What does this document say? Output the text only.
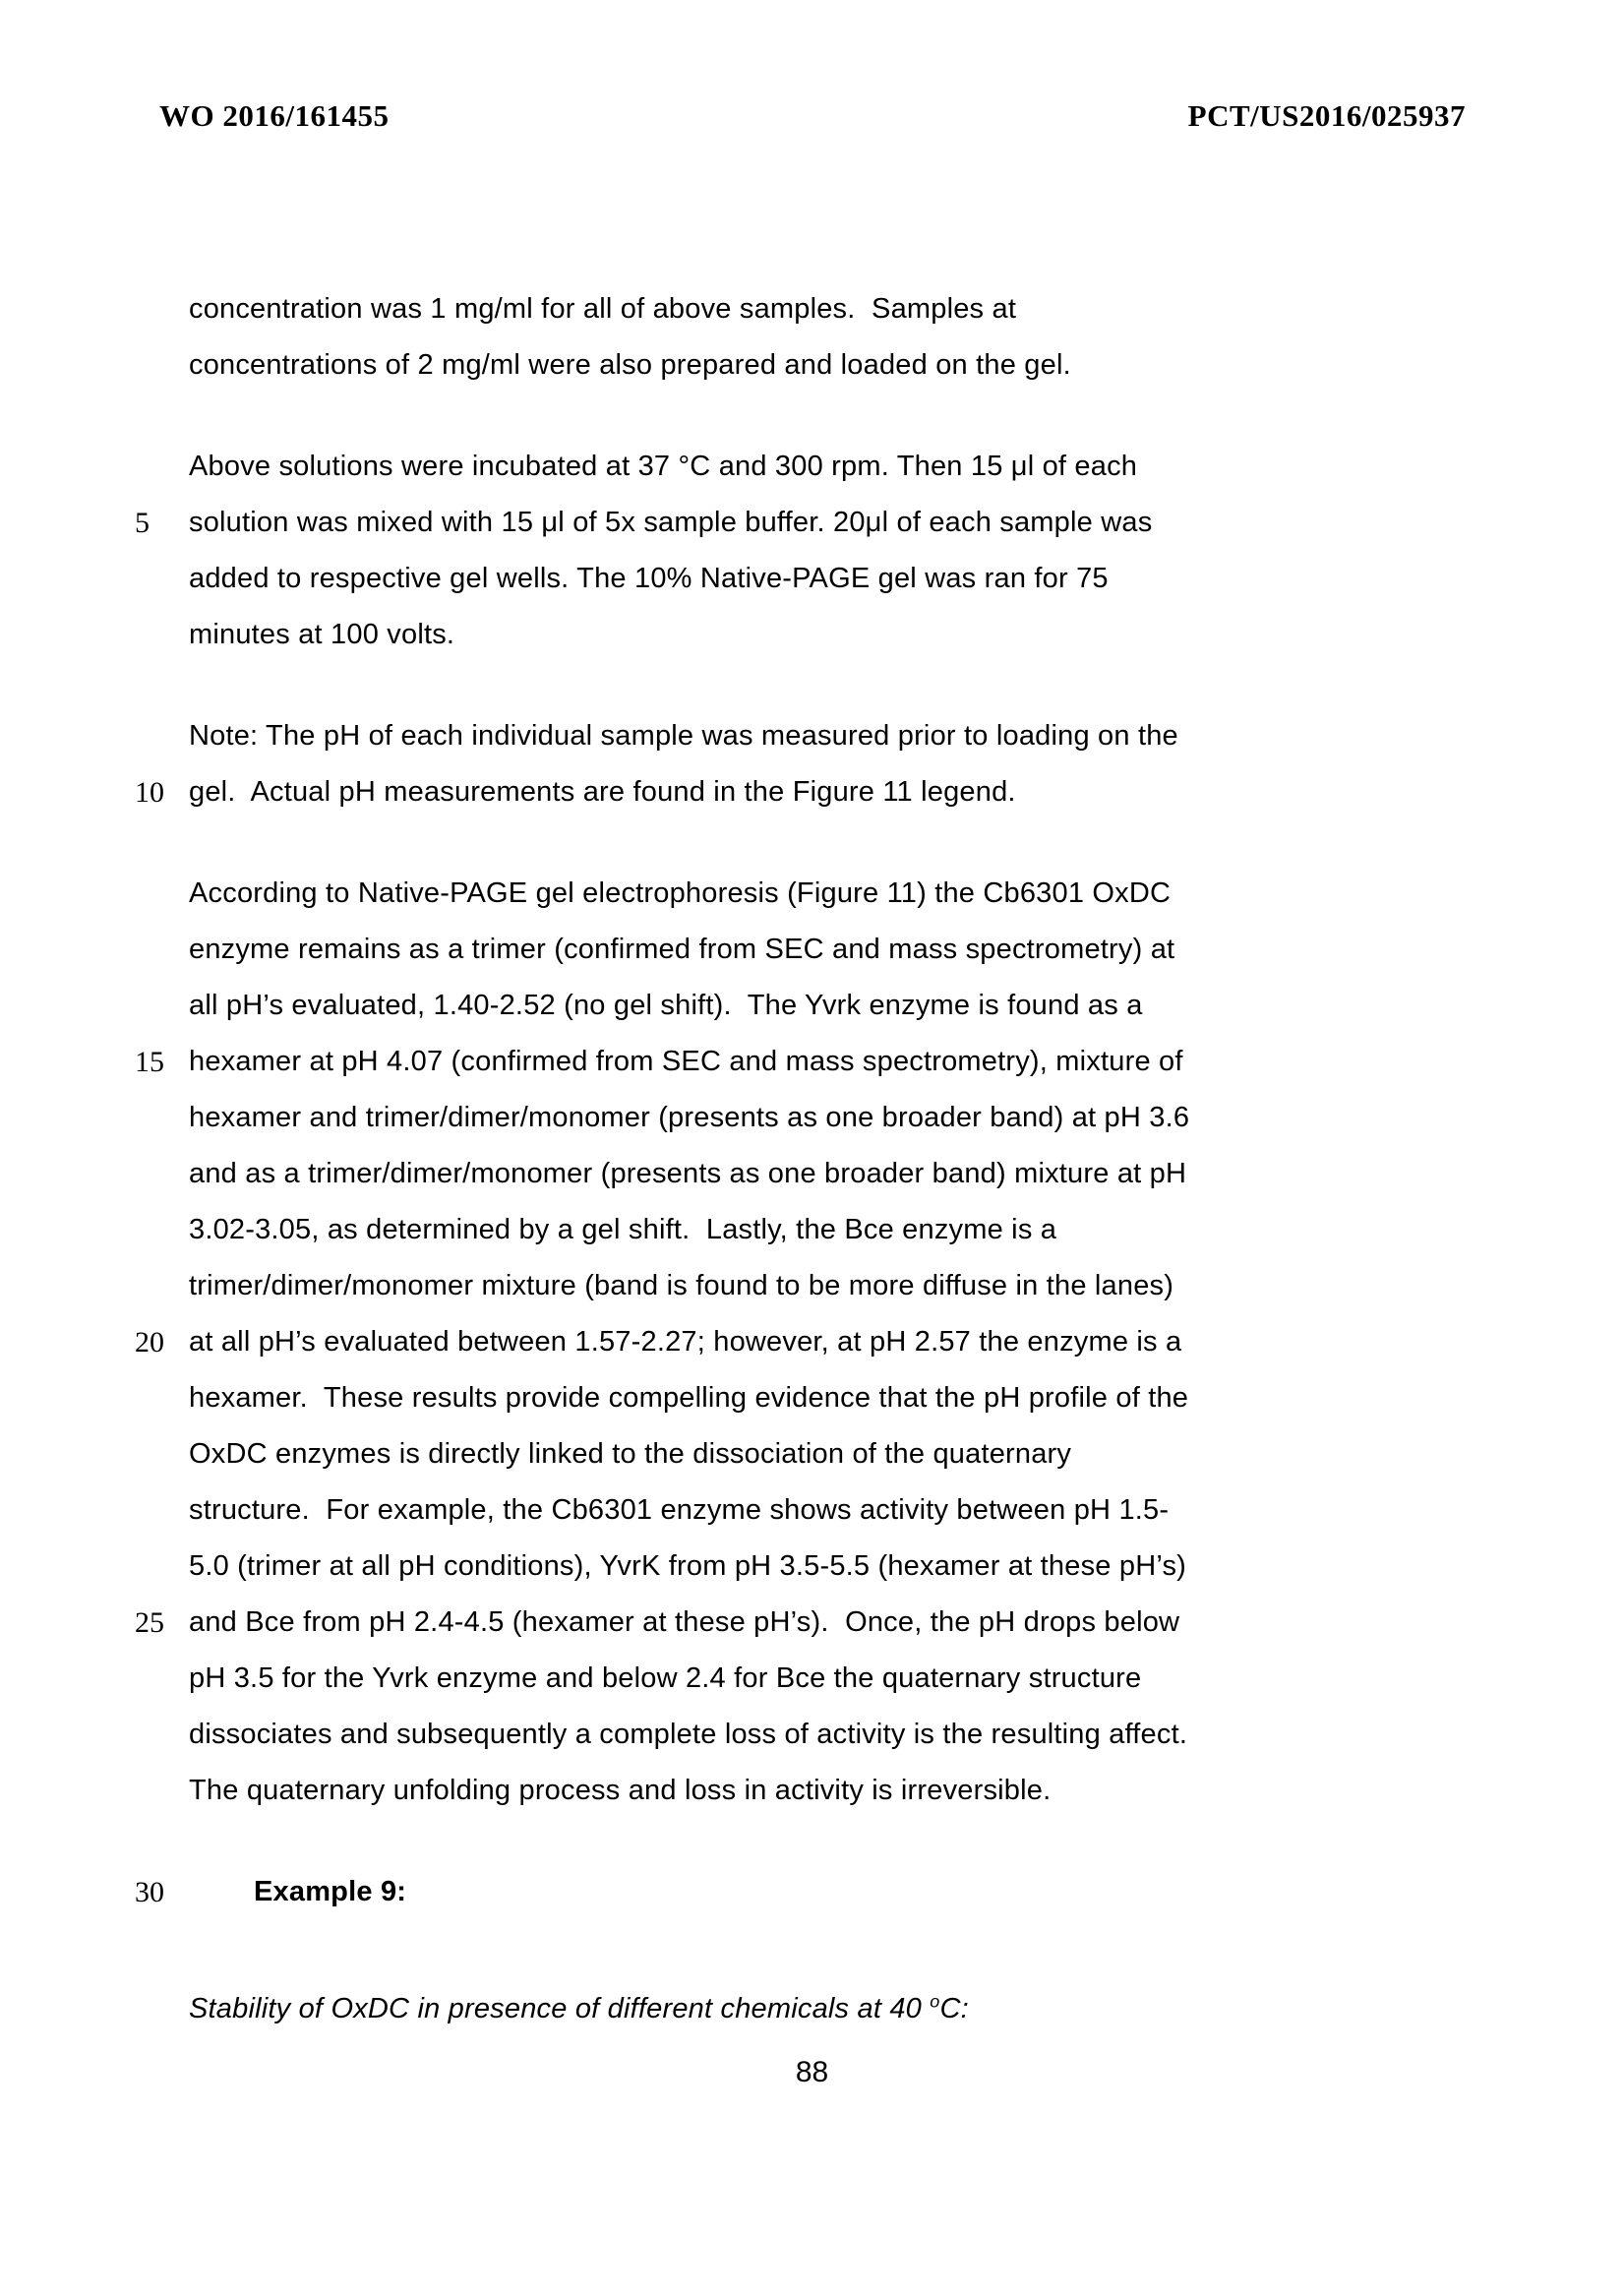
WO 2016/161455	PCT/US2016/025937
concentration was 1 mg/ml for all of above samples.  Samples at
concentrations of 2 mg/ml were also prepared and loaded on the gel.
Above solutions were incubated at 37 °C and 300 rpm. Then 15 μl of each
5 solution was mixed with 15 μl of 5x sample buffer. 20μl of each sample was
added to respective gel wells. The 10% Native-PAGE gel was ran for 75
minutes at 100 volts.
Note: The pH of each individual sample was measured prior to loading on the
10 gel.  Actual pH measurements are found in the Figure 11 legend.
According to Native-PAGE gel electrophoresis (Figure 11) the Cb6301 OxDC
enzyme remains as a trimer (confirmed from SEC and mass spectrometry) at
all pH’s evaluated, 1.40-2.52 (no gel shift).  The Yvrk enzyme is found as a
15 hexamer at pH 4.07 (confirmed from SEC and mass spectrometry), mixture of
hexamer and trimer/dimer/monomer (presents as one broader band) at pH 3.6
and as a trimer/dimer/monomer (presents as one broader band) mixture at pH
3.02-3.05, as determined by a gel shift.  Lastly, the Bce enzyme is a
trimer/dimer/monomer mixture (band is found to be more diffuse in the lanes)
20 at all pH’s evaluated between 1.57-2.27; however, at pH 2.57 the enzyme is a
hexamer.  These results provide compelling evidence that the pH profile of the
OxDC enzymes is directly linked to the dissociation of the quaternary
structure.  For example, the Cb6301 enzyme shows activity between pH 1.5-
5.0 (trimer at all pH conditions), YvrK from pH 3.5-5.5 (hexamer at these pH’s)
25 and Bce from pH 2.4-4.5 (hexamer at these pH’s).  Once, the pH drops below
pH 3.5 for the Yvrk enzyme and below 2.4 for Bce the quaternary structure
dissociates and subsequently a complete loss of activity is the resulting affect.
The quaternary unfolding process and loss in activity is irreversible.
30	Example 9:
Stability of OxDC in presence of different chemicals at 40 $^o$C:
88
